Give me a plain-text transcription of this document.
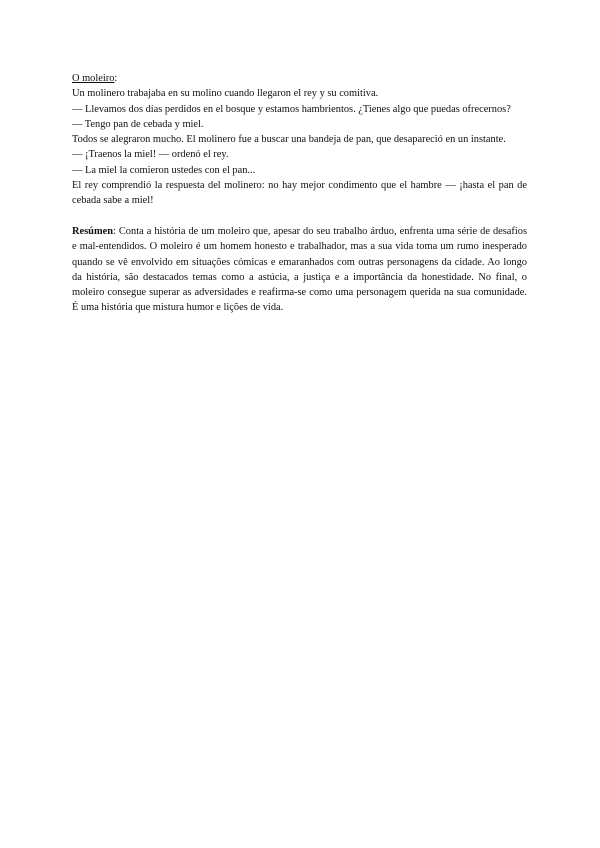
O moleiro:

Un molinero trabajaba en su molino cuando llegaron el rey y su comitiva.

— Llevamos dos días perdidos en el bosque y estamos hambrientos. ¿Tienes algo que puedas ofrecernos?

— Tengo pan de cebada y miel.

Todos se alegraron mucho. El molinero fue a buscar una bandeja de pan, que desapareció en un instante.

— ¡Traenos la miel! — ordenó el rey.

— La miel la comieron ustedes con el pan...

El rey comprendió la respuesta del molinero: no hay mejor condimento que el hambre — ¡hasta el pan de cebada sabe a miel!

Resúmen: Conta a história de um moleiro que, apesar do seu trabalho árduo, enfrenta uma série de desafios e mal-entendidos. O moleiro é um homem honesto e trabalhador, mas a sua vida toma um rumo inesperado quando se vê envolvido em situações cómicas e emaranhados com outras personagens da cidade. Ao longo da história, são destacados temas como a astúcia, a justiça e a importância da honestidade. No final, o moleiro consegue superar as adversidades e reafirma-se como uma personagem querida na sua comunidade. É uma história que mistura humor e lições de vida.
